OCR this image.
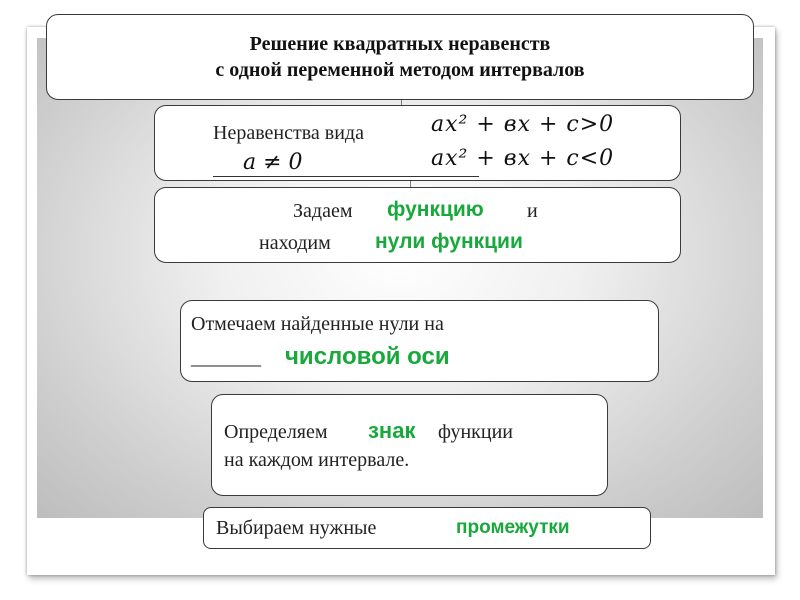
Решение квадратных неравенств
с одной переменной методом интервалов
Неравенства вида
a ≠ 0
ax² + вx + c>0
ax² + вx + c<0
Задаем функцию и
находим нули функции
Отмечаем найденные нули на
_______ числовой оси
Определяем знак функции
на каждом интервале.
Выбираем нужные	промежутки
